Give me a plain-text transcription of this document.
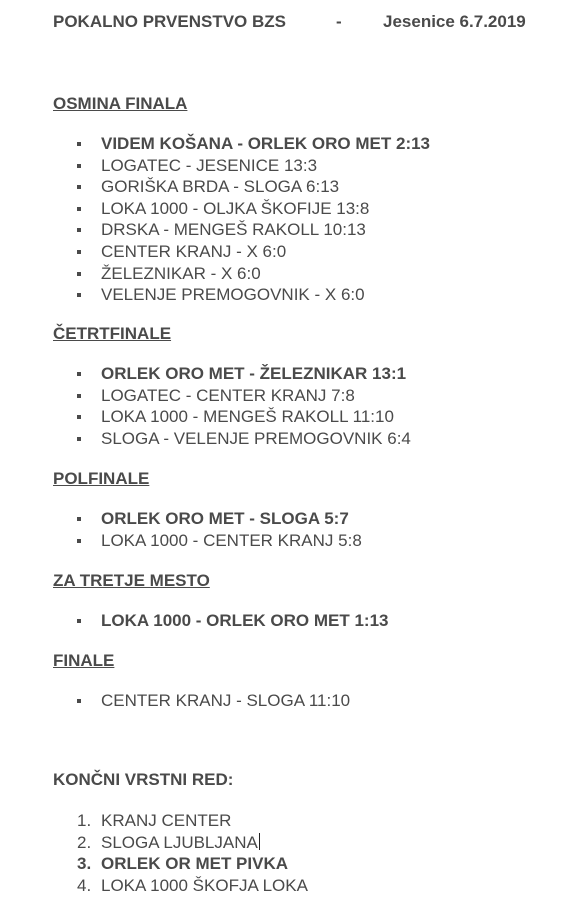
POKALNO PRVENSTVO BZS	- Jesenice 6.7.2019
OSMINA FINALA
VIDEM KOŠANA - ORLEK ORO MET 2:13
LOGATEC - JESENICE 13:3
GORIŠKA BRDA - SLOGA 6:13
LOKA 1000 - OLJKA ŠKOFIJE 13:8
DRSKA - MENGEŠ RAKOLL 10:13
CENTER KRANJ - X 6:0
ŽELEZNIKAR - X 6:0
VELENJE PREMOGOVNIK - X 6:0
ČETRTFINALE
ORLEK ORO MET - ŽELEZNIKAR 13:1
LOGATEC - CENTER KRANJ 7:8
LOKA 1000 - MENGEŠ RAKOLL 11:10
SLOGA - VELENJE PREMOGOVNIK 6:4
POLFINALE
ORLEK ORO MET - SLOGA 5:7
LOKA 1000 - CENTER KRANJ 5:8
ZA TRETJE MESTO
LOKA 1000 - ORLEK ORO MET 1:13
FINALE
CENTER KRANJ - SLOGA 11:10
KONČNI VRSTNI RED:
1. KRANJ CENTER
2. SLOGA LJUBLJANA
3. ORLEK OR MET PIVKA
4. LOKA 1000 ŠKOFJA LOKA
